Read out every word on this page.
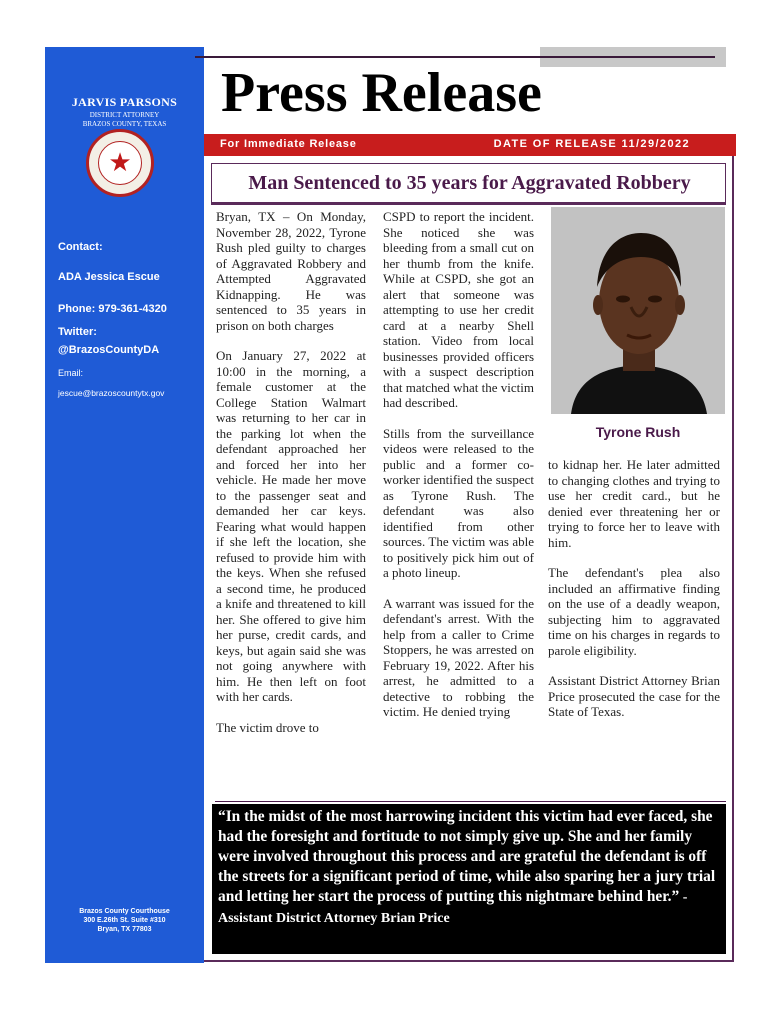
JARVIS PARSONS
DISTRICT ATTORNEY
BRAZOS COUNTY, TEXAS
★
Contact:
ADA Jessica Escue
Phone: 979-361-4320
Twitter:
@BrazosCountyDA
Email:
jescue@brazoscountytx.gov
Brazos County Courthouse
300 E.26th St. Suite #310
Bryan, TX 77803
Press Release
For Immediate Release	DATE OF RELEASE 11/29/2022
Man Sentenced to 35 years for Aggravated Robbery

Bryan, TX – On Monday, November 28, 2022, Tyrone Rush pled guilty to charges of Aggravated Robbery and Attempted Aggravated Kidnapping. He was sentenced to 35 years in prison on both charges

On January 27, 2022 at 10:00 in the morning, a female customer at the College Station Walmart was returning to her car in the parking lot when the defendant approached her and forced her into her vehicle. He made her move to the passenger seat and demanded her car keys. Fearing what would happen if she left the location, she refused to provide him with the keys. When she refused a second time, he produced a knife and threatened to kill her. She offered to give him her purse, credit cards, and keys, but again said she was not going anywhere with him. He then left on foot with her cards.

The victim drove to

CSPD to report the incident. She noticed she was bleeding from a small cut on her thumb from the knife. While at CSPD, she got an alert that someone was attempting to use her credit card at a nearby Shell station. Video from local businesses provided officers with a suspect description that matched what the victim had described.

Stills from the surveillance videos were released to the public and a former co-worker identified the suspect as Tyrone Rush. The defendant was also identified from other sources. The victim was able to positively pick him out of a photo lineup.

A warrant was issued for the defendant's arrest. With the help from a caller to Crime Stoppers, he was arrested on February 19, 2022. After his arrest, he admitted to a detective to robbing the victim. He denied trying

Tyrone Rush

to kidnap her. He later admitted to changing clothes and trying to use her credit card., but he denied ever threatening her or trying to force her to leave with him.

The defendant's plea also included an affirmative finding on the use of a deadly weapon, subjecting him to aggravated time on his charges in regards to parole eligibility.

Assistant District Attorney Brian Price prosecuted the case for the State of Texas.

“In the midst of the most harrowing incident this victim had ever faced, she had the foresight and fortitude to not simply give up. She and her family were involved throughout this process and are grateful the defendant is off the streets for a significant period of time, while also sparing her a jury trial and letting her start the process of putting this nightmare behind her.” -Assistant District Attorney Brian Price
